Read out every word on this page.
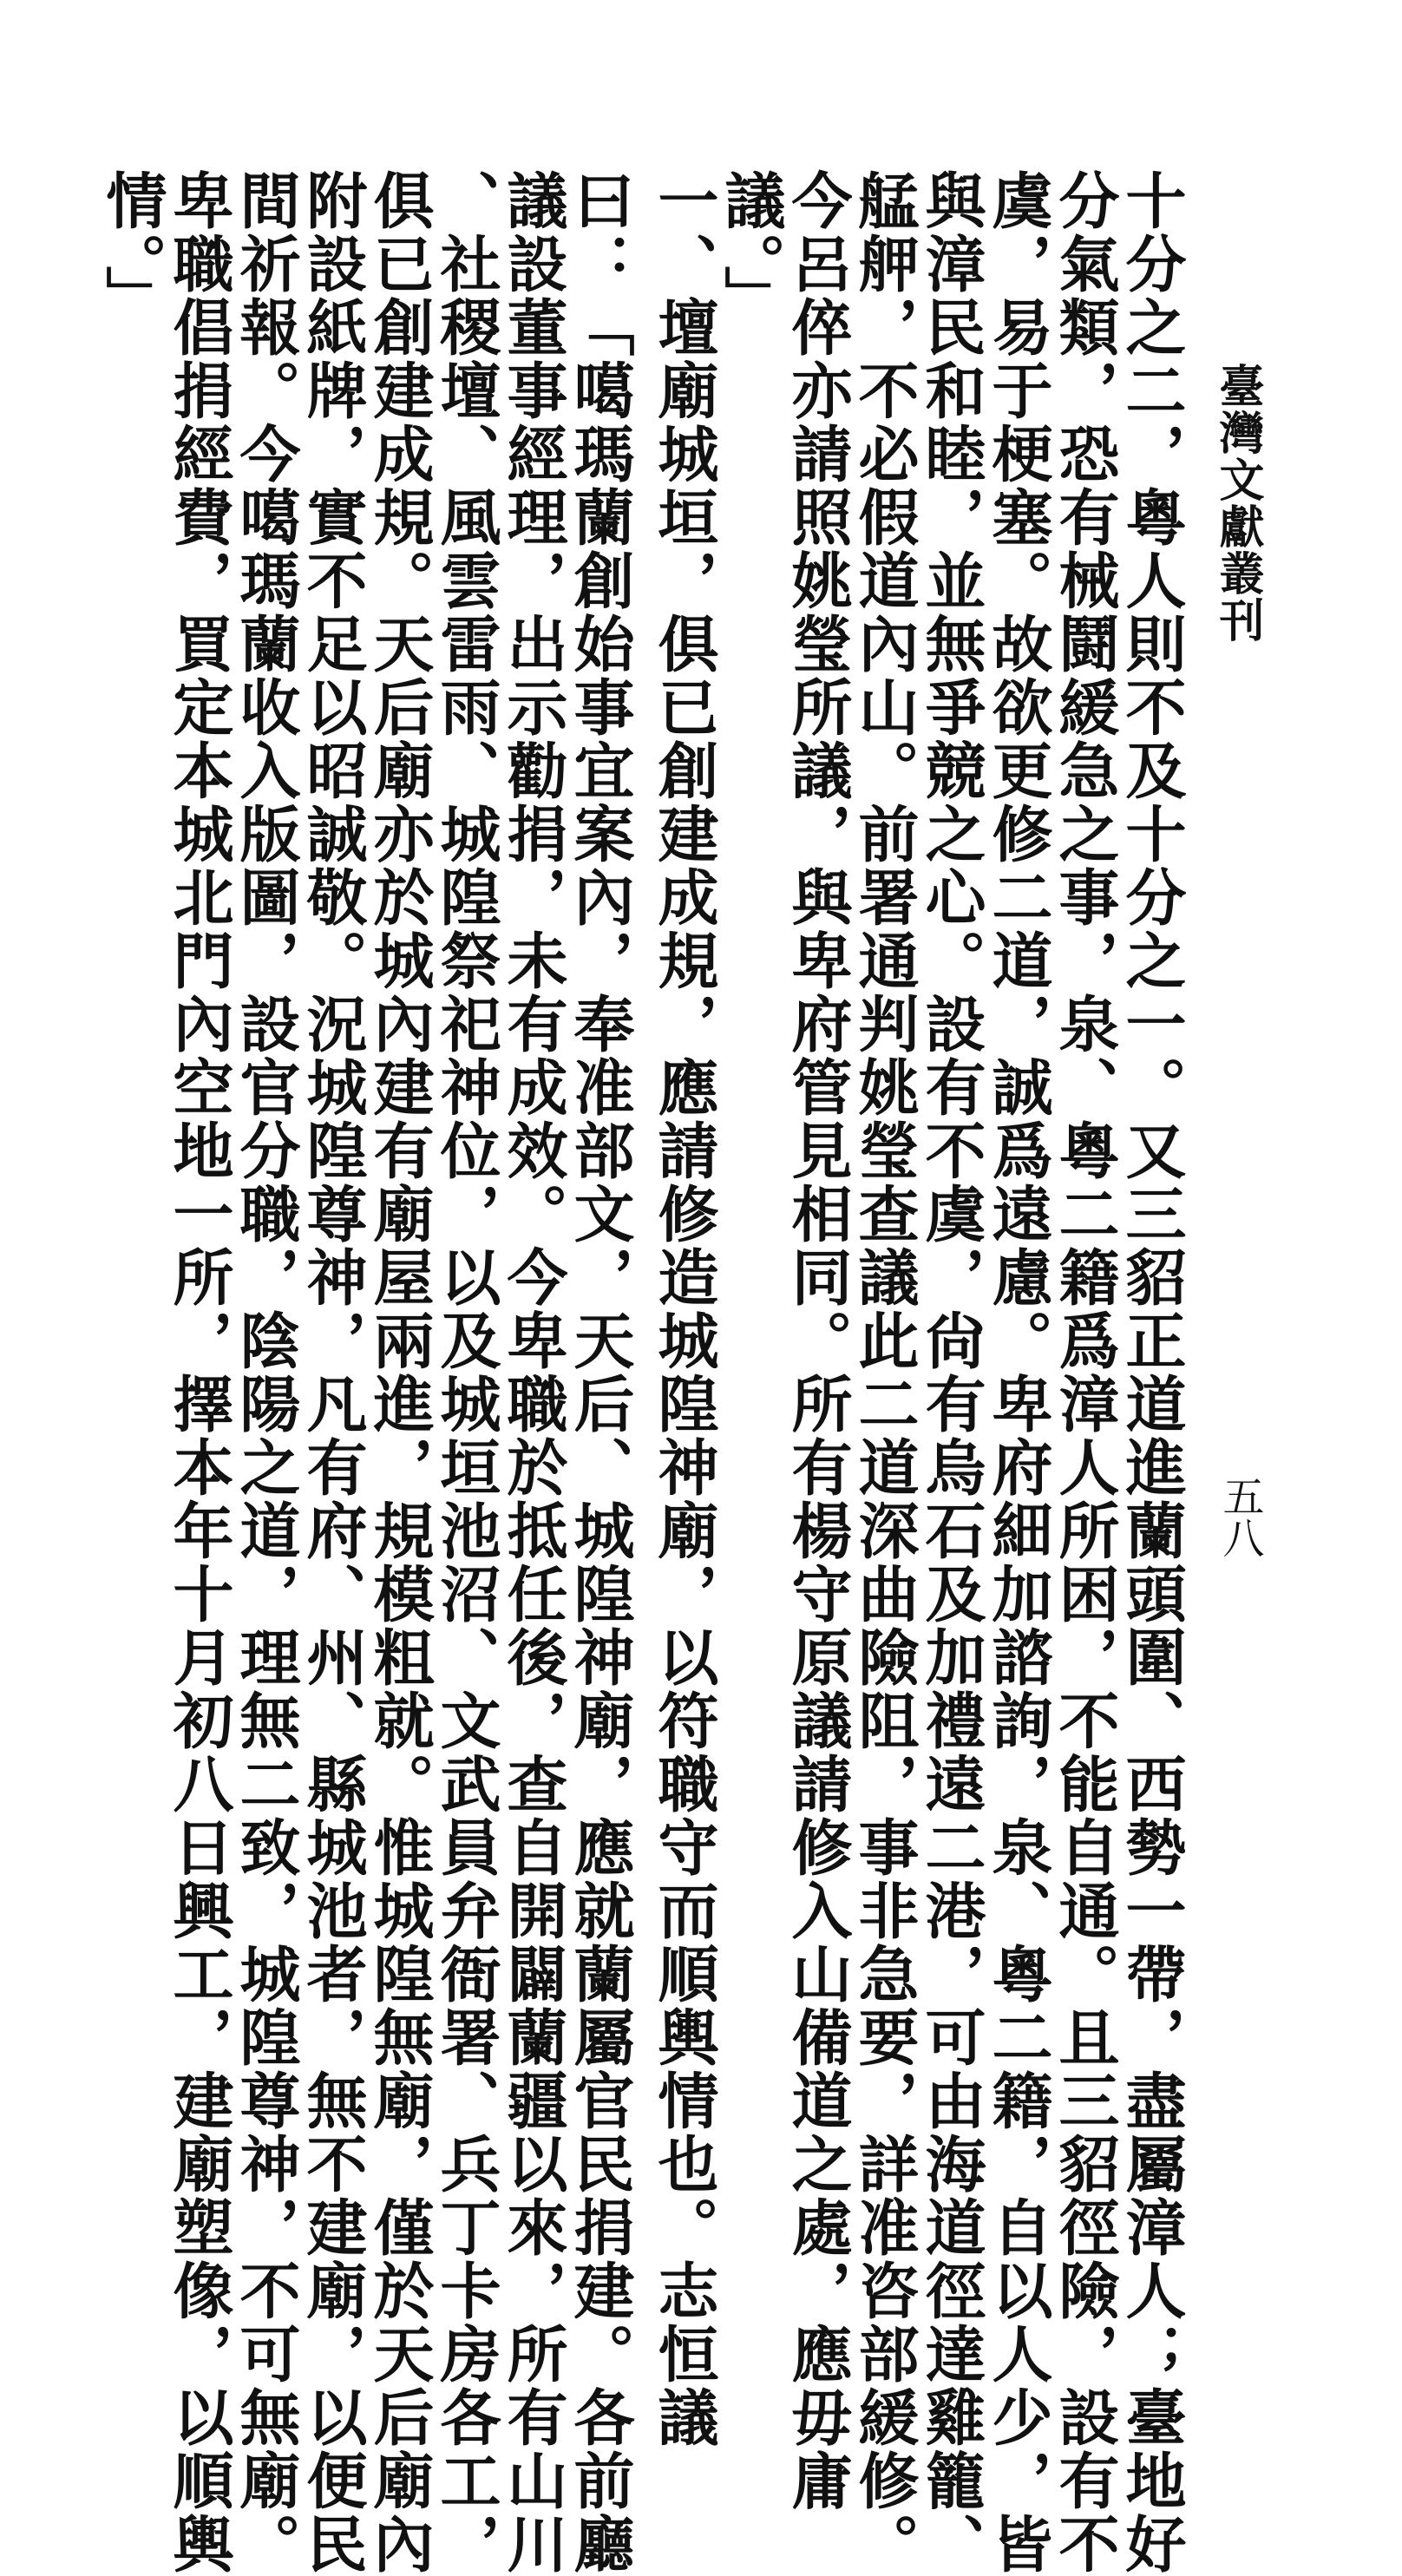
臺灣文獻叢刊
五八
十分之二，粵人則不及十分之一。又三貂正道進蘭頭圍、西勢一帶，盡屬漳人；臺地好
分氣類，恐有械鬪緩急之事，泉、粵二籍爲漳人所困，不能自通。且三貂徑險，設有不
虞，易于梗塞。故欲更修二道，誠爲遠慮。卑府細加諮詢，泉、粵二籍，自以人少，皆
與漳民和睦，並無爭競之心。設有不虞，尙有烏石及加禮遠二港，可由海道徑達雞籠、
艋舺，不必假道內山。前署通判姚瑩查議此二道深曲險阻，事非急要，詳准咨部緩修。
今呂倅亦請照姚瑩所議，與卑府管見相同。所有楊守原議請修入山備道之處，應毋庸
議。」
一、壇廟城垣，俱已創建成規，應請修造城隍神廟，以符職守而順輿情也。志恒議
曰：「噶瑪蘭創始事宜案內，奉准部文，天后、城隍神廟，應就蘭屬官民捐建。各前廳
議設董事經理，出示勸捐，未有成效。今卑職於抵任後，查自開闢蘭疆以來，所有山川
、社稷壇、風雲雷雨、城隍祭祀神位，以及城垣池沼、文武員弁衙署、兵丁卡房各工，
俱已創建成規。天后廟亦於城內建有廟屋兩進，規模粗就。惟城隍無廟，僅於天后廟內
附設紙牌，實不足以昭誠敬。況城隍尊神，凡有府、州、縣城池者，無不建廟，以便民
間祈報。今噶瑪蘭收入版圖，設官分職，陰陽之道，理無二致，城隍尊神，不可無廟。
卑職倡捐經費，買定本城北門內空地一所，擇本年十月初八日興工，建廟塑像，以順輿
情。」
